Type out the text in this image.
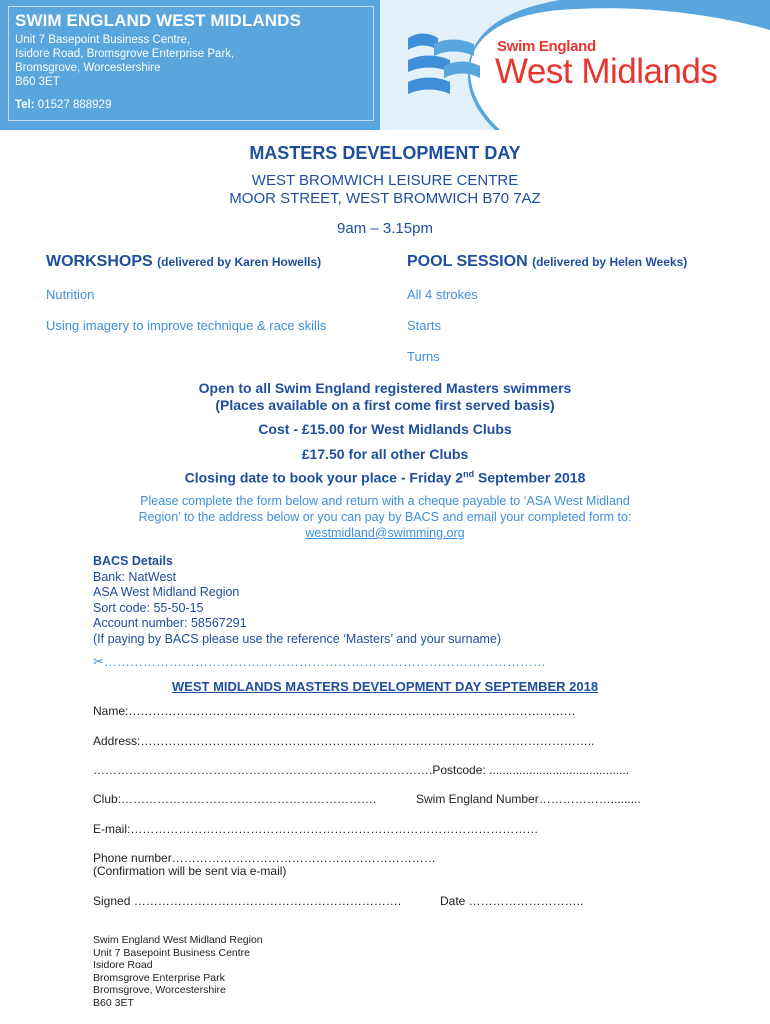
SWIM ENGLAND WEST MIDLANDS
Unit 7 Basepoint Business Centre,
Isidore Road, Bromsgrove Enterprise Park,
Bromsgrove, Worcestershire
B60 3ET
Tel: 01527 888929
Swim England
West Midlands
MASTERS DEVELOPMENT DAY
WEST BROMWICH LEISURE CENTRE
MOOR STREET, WEST BROMWICH B70 7AZ
9am – 3.15pm
WORKSHOPS (delivered by Karen Howells)
Nutrition
Using imagery to improve technique & race skills
POOL SESSION (delivered by Helen Weeks)
All 4 strokes
Starts
Turns
Open to all Swim England registered Masters swimmers
(Places available on a first come first served basis)
Cost - £15.00 for West Midlands Clubs
£17.50 for all other Clubs
Closing date to book your place - Friday 2nd September 2018
Please complete the form below and return with a cheque payable to ‘ASA West Midland
Region’ to the address below or you can pay by BACS and email your completed form to:
westmidland@swimming.org
BACS Details
Bank: NatWest
ASA West Midland Region
Sort code: 55-50-15
Account number: 58567291
(If paying by BACS please use the reference ‘Masters’ and your surname)
✂…………………………………………………………………………………………
WEST MIDLANDS MASTERS DEVELOPMENT DAY SEPTEMBER 2018
Name:………………………………………………………….………………………………………
Address:…………………………………………………….……………………………………………..
………………………………………………………………………….Postcode: ..........................................
Club:……………………………………………………….	Swim England Number……………….........
E-mail:…………………………………………………………………………………………
Phone number…………………………………………………………
(Confirmation will be sent via e-mail)
Signed ………………………………………………………….	Date ………………………..
Swim England West Midland Region
Unit 7 Basepoint Business Centre
Isidore Road
Bromsgrove Enterprise Park
Bromsgrove, Worcestershire
B60 3ET
